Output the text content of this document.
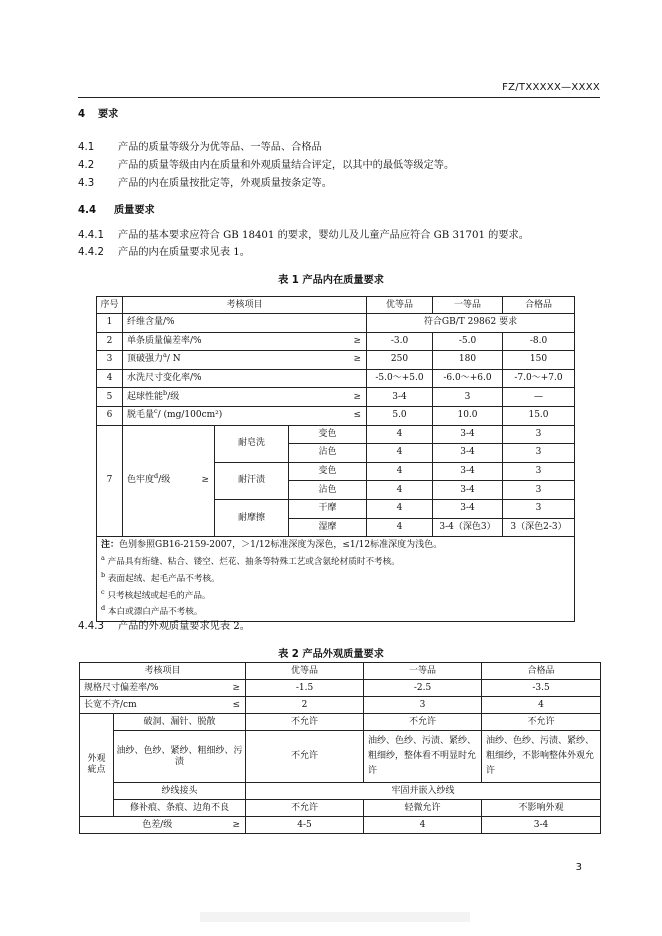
FZ/TXXXXX—XXXX
4 要求
4.1 产品的质量等级分为优等品、一等品、合格品
4.2 产品的质量等级由内在质量和外观质量结合评定，以其中的最低等级定等。
4.3 产品的内在质量按批定等，外观质量按条定等。
4.4 质量要求
4.4.1 产品的基本要求应符合 GB 18401 的要求，婴幼儿及儿童产品应符合 GB 31701 的要求。
4.4.2 产品的内在质量要求见表 1。
表 1 产品内在质量要求
序号	考核项目			优等品	一等品	合格品
1	纤维含量/%			符合GB/T 29862 要求		
2	单条质量偏差率/% ≥			-3.0	-5.0	-8.0
3	顶破强力$^a$/ N ≥			250	180	150
4	水洗尺寸变化率/%			-5.0～+5.0	-6.0～+6.0	-7.0～+7.0
5	起球性能$^b$/级 ≥			3-4	3	—
6	脱毛量$^c$/ (mg/100cm²) ≤			5.0	10.0	15.0
7	色牢度$^d$/级 ≥	耐皂洗	变色	4	3-4	3
			沾色	4	3-4	3
		耐汗渍	变色	4	3-4	3
			沾色	4	3-4	3
		耐摩擦	干摩	4	3-4	3
			湿摩	4	3-4（深色3）	3（深色2-3）
注：色别参照GB16-2159-2007，＞1/12标准深度为深色，≤1/12标准深度为浅色。						
$^a$ 产品具有绗缝、粘合、镂空、烂花、抽条等特殊工艺或含氨纶材质时不考核。						
$^b$ 表面起绒、起毛产品不考核。						
$^c$ 只考核起绒或起毛的产品。						
$^d$ 本白或漂白产品不考核。						
4.4.3 产品的外观质量要求见表 2。
表 2 产品外观质量要求
考核项目		优等品	一等品	合格品
规格尺寸偏差率/% ≥		-1.5	-2.5	-3.5
长宽不齐/cm ≤		2	3	4
外观
疵点	破洞、漏针、脱散	不允许	不允许	不允许
	油纱、色纱、紧纱、粗细纱、污渍	不允许	油纱、色纱、污渍、紧纱、粗细纱，整体看不明显时允许	油纱、色纱、污渍、紧纱、粗细纱，不影响整体外观允许
	纱线接头	牢固并嵌入纱线		
	修补痕、条痕、边角不良	不允许	轻微允许	不影响外观
色差/级 ≥		4-5	4	3-4
3
